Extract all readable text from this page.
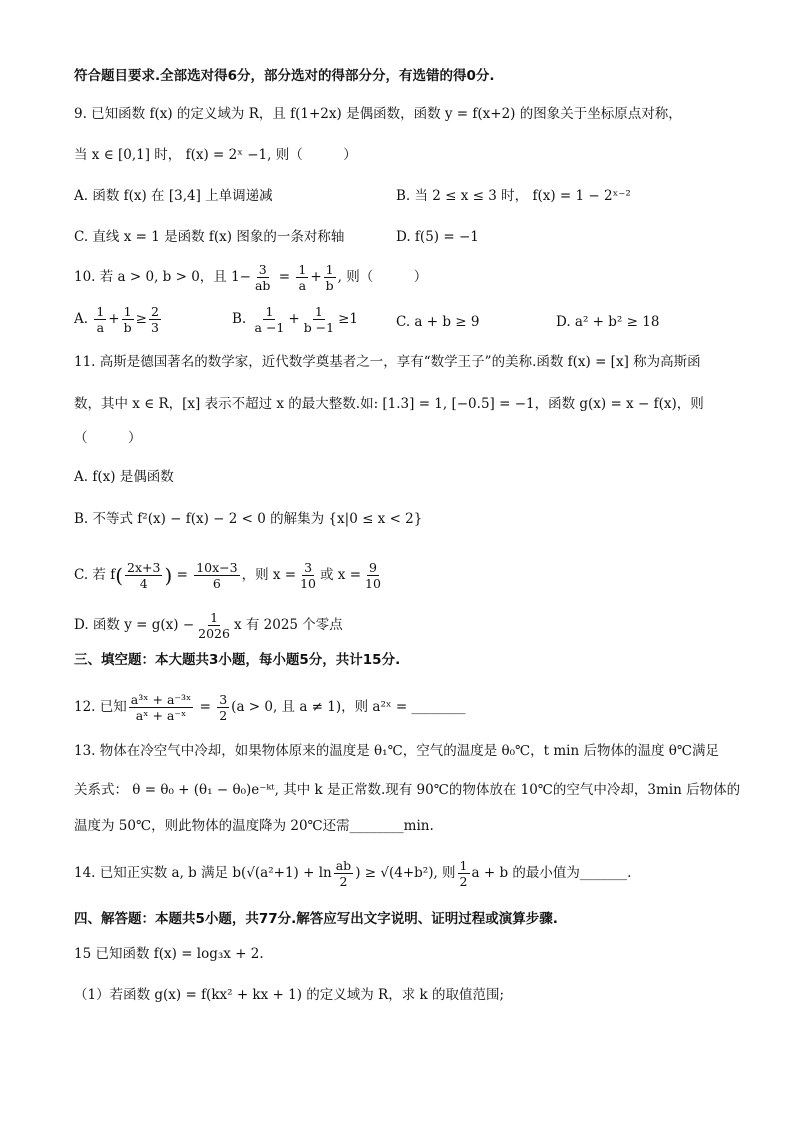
符合题目要求.全部选对得6分，部分选对的得部分分，有选错的得0分.
9. 已知函数 f(x) 的定义域为 R，且 f(1+2x) 是偶函数，函数 y = f(x+2) 的图象关于坐标原点对称，
当 x ∈ [0,1] 时， f(x) = 2ˣ −1, 则（　　　）
A. 函数 f(x) 在 [3,4] 上单调递减	B. 当 2 ≤ x ≤ 3 时， f(x) = 1 − 2ˣ⁻²
C. 直线 x = 1 是函数 f(x) 图象的一条对称轴	D. f(5) = −1
10. 若 a > 0, b > 0，且 $1- \frac{3}{ab} = \frac{1}{a} + \frac{1}{b}$ , 则（　　　）
A. $\frac{1}{a} + \frac{1}{b} \ge \frac{2}{3}$	B. $\frac{1}{a -1} + \frac{1}{b -1} \ge 1$	C. a + b ≥ 9	D. a² + b² ≥ 18
11. 高斯是德国著名的数学家，近代数学奠基者之一，享有“数学王子”的美称.函数 f(x) = [x] 称为高斯函
数，其中 x ∈ R，[x] 表示不超过 x 的最大整数.如: [1.3] = 1, [−0.5] = −1，函数 g(x) = x − f(x)，则
（　　　）
A. f(x) 是偶函数
B. 不等式 f²(x) − f(x) − 2 < 0 的解集为 {x|0 ≤ x < 2}
C. 若 $f( \frac{2x+3}{4}$ ) = $\frac{10x-3}{6}$ ，则 $x = \frac{3}{10}$ 或 $x = \frac{9}{10}$
D. 函数 $y = g(x) - \frac{1}{2026}$ x 有 2025 个零点
三、填空题：本大题共3小题，每小题5分，共计15分.
12. 已知 $\frac{\text{a³ˣ + a⁻³ˣ}}{\text{aˣ + a⁻ˣ}} = \frac{3}{2} (a > 0$, 且 a ≠ 1)，则 a²ˣ = ________
13. 物体在冷空气中冷却，如果物体原来的温度是 θ₁℃，空气的温度是 θ₀℃，t min 后物体的温度 θ℃满足
关系式： θ = θ₀ + (θ₁ − θ₀)e⁻ᵏᵗ, 其中 k 是正常数.现有 90℃的物体放在 10℃的空气中冷却，3min 后物体的
温度为 50℃，则此物体的温度降为 20℃还需________min.
14. 已知正实数 a, b 满足 $b(√(a^2+1) + \ln \frac{ab}{2}$ ) ≥ √(4+b²), 则 $\frac{1}{2}$ a + b 的最小值为_______.
四、解答题：本题共5小题，共77分.解答应写出文字说明、证明过程或演算步骤.
15 已知函数 f(x) = log₃x + 2.
（1）若函数 g(x) = f(kx² + kx + 1) 的定义域为 R，求 k 的取值范围;
